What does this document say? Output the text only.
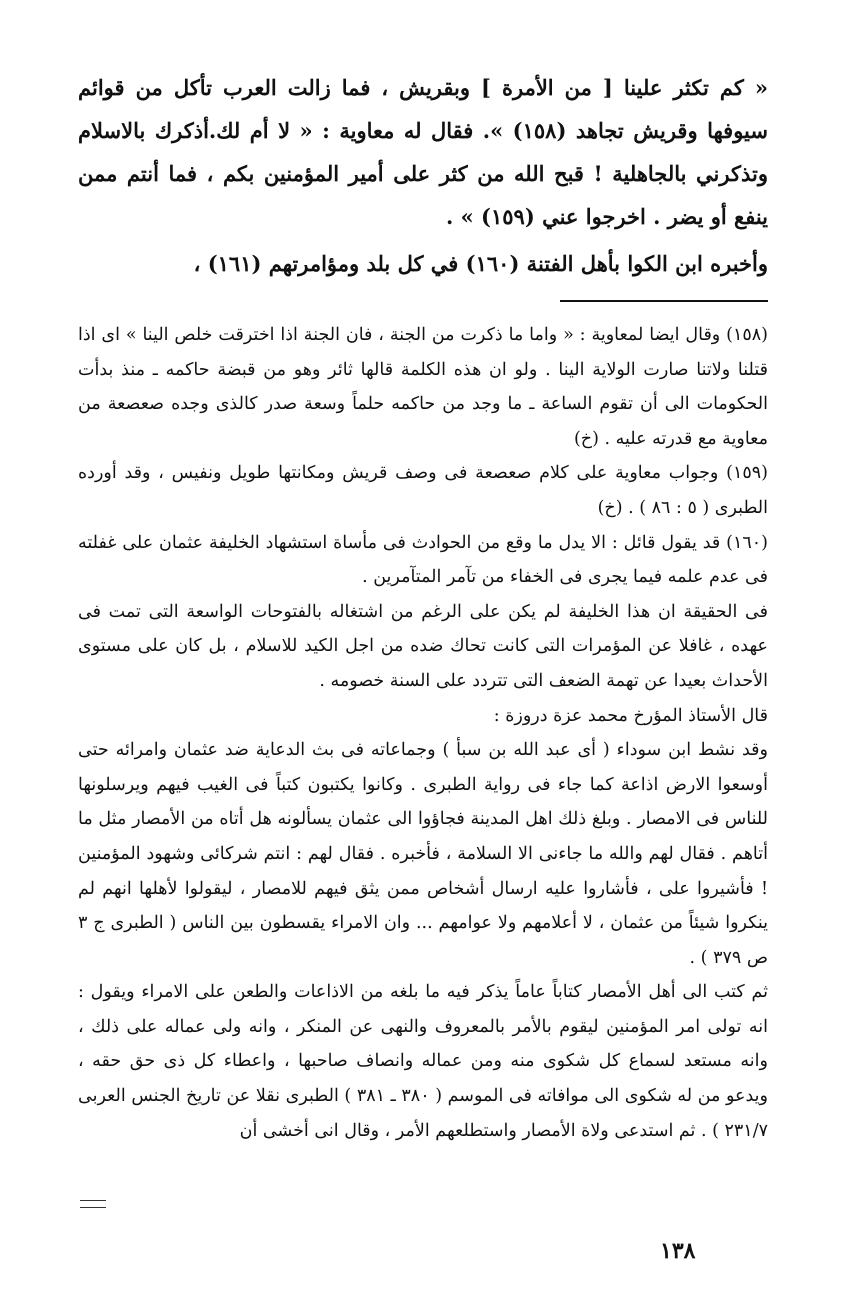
« كم تكثر علينا [ من الأمرة ] وبقريش ، فما زالت العرب تأكل من قوائم سيوفها وقريش تجاهد (١٥٨) ». فقال له معاوية : « لا أم لك.أذكرك بالاسلام وتذكرني بالجاهلية ! قبح الله من كثر على أمير المؤمنين بكم ، فما أنتم ممن ينفع أو يضر . اخرجوا عني (١٥٩) » .

وأخبره ابن الكوا بأهل الفتنة (١٦٠) في كل بلد ومؤامرتهم (١٦١) ،

(١٥٨) وقال ايضا لمعاوية : « واما ما ذكرت من الجنة ، فان الجنة اذا اخترقت خلص الينا » اى اذا قتلنا ولاتنا صارت الولاية الينا . ولو ان هذه الكلمة قالها ثائر وهو من قبضة حاكمه ـ منذ بدأت الحكومات الى أن تقوم الساعة ـ ما وجد من حاكمه حلماً وسعة صدر كالذى وجده صعصعة من معاوية مع قدرته عليه . (خ)

(١٥٩) وجواب معاوية على كلام صعصعة فى وصف قريش ومكانتها طويل ونفيس ، وقد أورده الطبرى ( ٥ : ٨٦ ) . (خ)

(١٦٠) قد يقول قائل : الا يدل ما وقع من الحوادث فى مأساة استشهاد الخليفة عثمان على غفلته فى عدم علمه فيما يجرى فى الخفاء من تآمر المتآمرين .

فى الحقيقة ان هذا الخليفة لم يكن على الرغم من اشتغاله بالفتوحات الواسعة التى تمت فى عهده ، غافلا عن المؤمرات التى كانت تحاك ضده من اجل الكيد للاسلام ، بل كان على مستوى الأحداث بعيدا عن تهمة الضعف التى تتردد على السنة خصومه .

قال الأستاذ المؤرخ محمد عزة دروزة :

وقد نشط ابن سوداء ( أى عبد الله بن سبأ ) وجماعاته فى بث الدعاية ضد عثمان وامرائه حتى أوسعوا الارض اذاعة كما جاء فى رواية الطبرى . وكانوا يكتبون كتباً فى الغيب فيهم ويرسلونها للناس فى الامصار . وبلغ ذلك اهل المدينة فجاؤوا الى عثمان يسألونه هل أتاه من الأمصار مثل ما أتاهم . فقال لهم والله ما جاءنى الا السلامة ، فأخبره . فقال لهم : انتم شركائى وشهود المؤمنين ! فأشيروا على ، فأشاروا عليه ارسال أشخاص ممن يثق فيهم للامصار ، ليقولوا لأهلها انهم لم ينكروا شيئاً من عثمان ، لا أعلامهم ولا عوامهم ... وان الامراء يقسطون بين الناس ( الطبرى ج ٣ ص ٣٧٩ ) .

ثم كتب الى أهل الأمصار كتاباً عاماً يذكر فيه ما بلغه من الاذاعات والطعن على الامراء ويقول : انه تولى امر المؤمنين ليقوم بالأمر بالمعروف والنهى عن المنكر ، وانه ولى عماله على ذلك ، وانه مستعد لسماع كل شكوى منه ومن عماله وانصاف صاحبها ، واعطاء كل ذى حق حقه ، ويدعو من له شكوى الى موافاته فى الموسم ( ٣٨٠ ـ ٣٨١ ) الطبرى نقلا عن تاريخ الجنس العربى ٢٣١/٧ ) . ثم استدعى ولاة الأمصار واستطلعهم الأمر ، وقال انى أخشى أن

١٣٨
